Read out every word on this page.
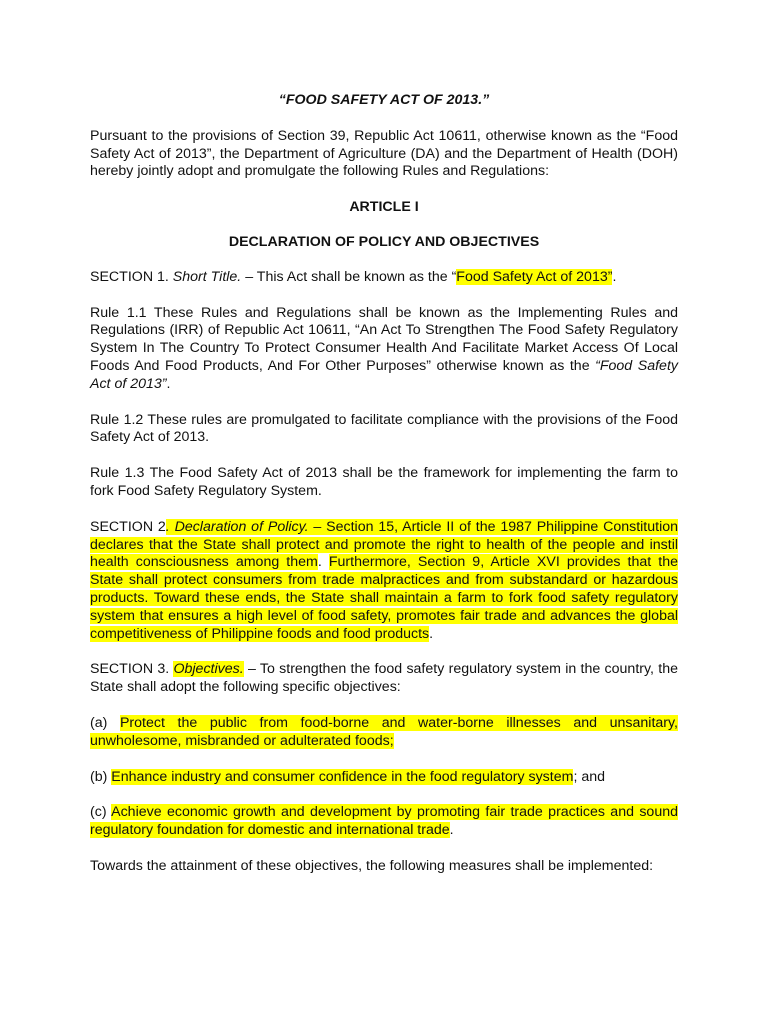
“FOOD SAFETY ACT OF 2013.”

Pursuant to the provisions of Section 39, Republic Act 10611, otherwise known as the “Food Safety Act of 2013”, the Department of Agriculture (DA) and the Department of Health (DOH) hereby jointly adopt and promulgate the following Rules and Regulations:

ARTICLE I

DECLARATION OF POLICY AND OBJECTIVES

SECTION 1. Short Title. – This Act shall be known as the “Food Safety Act of 2013”.

Rule 1.1 These Rules and Regulations shall be known as the Implementing Rules and Regulations (IRR) of Republic Act 10611, “An Act To Strengthen The Food Safety Regulatory System In The Country To Protect Consumer Health And Facilitate Market Access Of Local Foods And Food Products, And For Other Purposes” otherwise known as the “Food Safety Act of 2013”.

Rule 1.2 These rules are promulgated to facilitate compliance with the provisions of the Food Safety Act of 2013.

Rule 1.3 The Food Safety Act of 2013 shall be the framework for implementing the farm to fork Food Safety Regulatory System.

SECTION 2. Declaration of Policy. – Section 15, Article II of the 1987 Philippine Constitution declares that the State shall protect and promote the right to health of the people and instil health consciousness among them. Furthermore, Section 9, Article XVI provides that the State shall protect consumers from trade malpractices and from substandard or hazardous products. Toward these ends, the State shall maintain a farm to fork food safety regulatory system that ensures a high level of food safety, promotes fair trade and advances the global competitiveness of Philippine foods and food products.

SECTION 3. Objectives. – To strengthen the food safety regulatory system in the country, the State shall adopt the following specific objectives:

(a) Protect the public from food-borne and water-borne illnesses and unsanitary, unwholesome, misbranded or adulterated foods;

(b) Enhance industry and consumer confidence in the food regulatory system; and

(c) Achieve economic growth and development by promoting fair trade practices and sound regulatory foundation for domestic and international trade.

Towards the attainment of these objectives, the following measures shall be implemented:
